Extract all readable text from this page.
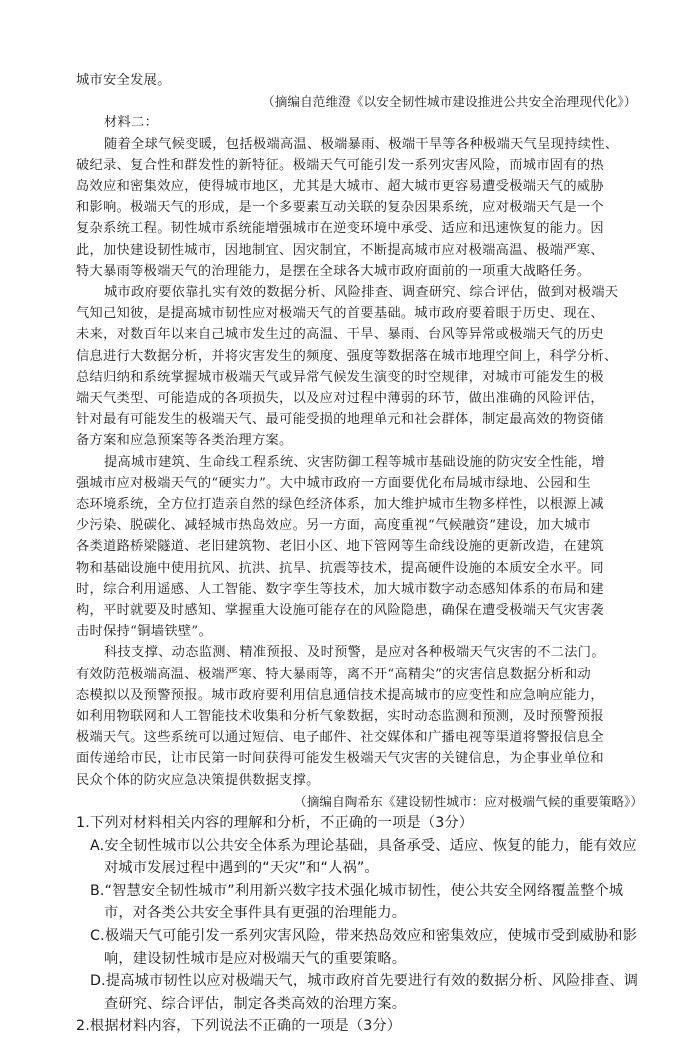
城市安全发展。
（摘编自范维澄《以安全韧性城市建设推进公共安全治理现代化》）
材料二：
随着全球气候变暖，包括极端高温、极端暴雨、极端干旱等各种极端天气呈现持续性、
破纪录、复合性和群发性的新特征。极端天气可能引发一系列灾害风险，而城市固有的热
岛效应和密集效应，使得城市地区，尤其是大城市、超大城市更容易遭受极端天气的威胁
和影响。极端天气的形成，是一个多要素互动关联的复杂因果系统，应对极端天气是一个
复杂系统工程。韧性城市系统能增强城市在逆变环境中承受、适应和迅速恢复的能力。因
此，加快建设韧性城市，因地制宜、因灾制宜，不断提高城市应对极端高温、极端严寒、
特大暴雨等极端天气的治理能力，是摆在全球各大城市政府面前的一项重大战略任务。
城市政府要依靠扎实有效的数据分析、风险排查、调查研究、综合评估，做到对极端天
气知己知彼，是提高城市韧性应对极端天气的首要基础。城市政府要着眼于历史、现在、
未来，对数百年以来自己城市发生过的高温、干旱、暴雨、台风等异常或极端天气的历史
信息进行大数据分析，并将灾害发生的频度、强度等数据落在城市地理空间上，科学分析、
总结归纳和系统掌握城市极端天气或异常气候发生演变的时空规律，对城市可能发生的极
端天气类型、可能造成的各项损失，以及应对过程中薄弱的环节，做出准确的风险评估，
针对最有可能发生的极端天气、最可能受损的地理单元和社会群体，制定最高效的物资储
备方案和应急预案等各类治理方案。
提高城市建筑、生命线工程系统、灾害防御工程等城市基础设施的防灾安全性能，增
强城市应对极端天气的“硬实力”。大中城市政府一方面要优化布局城市绿地、公园和生
态环境系统，全方位打造亲自然的绿色经济体系，加大维护城市生物多样性，以根源上减
少污染、脱碳化、减轻城市热岛效应。另一方面，高度重视“气候融资”建设，加大城市
各类道路桥梁隧道、老旧建筑物、老旧小区、地下管网等生命线设施的更新改造，在建筑
物和基础设施中使用抗风、抗洪、抗旱、抗震等技术，提高硬件设施的本质安全水平。同
时，综合利用遥感、人工智能、数字孪生等技术，加大城市数字动态感知体系的布局和建
构，平时就要及时感知、掌握重大设施可能存在的风险隐患，确保在遭受极端天气灾害袭
击时保持“铜墙铁壁”。
科技支撑、动态监测、精准预报、及时预警，是应对各种极端天气灾害的不二法门。
有效防范极端高温、极端严寒、特大暴雨等，离不开“高精尖”的灾害信息数据分析和动
态模拟以及预警预报。城市政府要利用信息通信技术提高城市的应变性和应急响应能力，
如利用物联网和人工智能技术收集和分析气象数据，实时动态监测和预测，及时预警预报
极端天气。这些系统可以通过短信、电子邮件、社交媒体和广播电视等渠道将警报信息全
面传递给市民，让市民第一时间获得可能发生极端天气灾害的关键信息，为企事业单位和
民众个体的防灾应急决策提供数据支撑。
（摘编自陶希东《建设韧性城市：应对极端气候的重要策略》）
1.下列对材料相关内容的理解和分析，不正确的一项是（3分）
A.安全韧性城市以公共安全体系为理论基础，具备承受、适应、恢复的能力，能有效应
对城市发展过程中遇到的“天灾”和“人祸”。
B.“智慧安全韧性城市”利用新兴数字技术强化城市韧性，使公共安全网络覆盖整个城
市，对各类公共安全事件具有更强的治理能力。
C.极端天气可能引发一系列灾害风险，带来热岛效应和密集效应，使城市受到威胁和影
响，建设韧性城市是应对极端天气的重要策略。
D.提高城市韧性以应对极端天气，城市政府首先要进行有效的数据分析、风险排查、调
查研究、综合评估，制定各类高效的治理方案。
2.根据材料内容，下列说法不正确的一项是（3分）
